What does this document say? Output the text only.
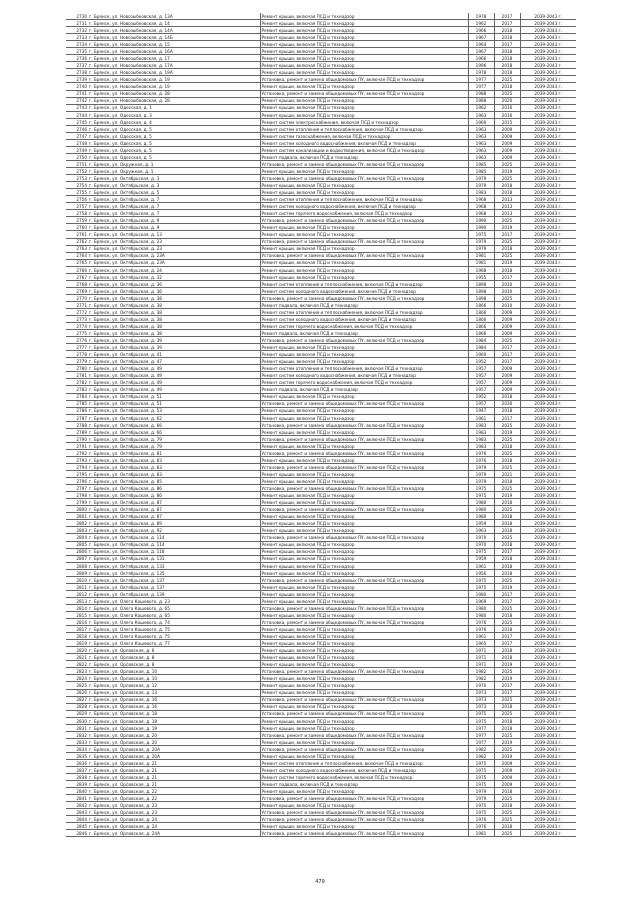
2730	г. Брянск, ул. Новозыбковская, д. 13А	Ремонт крыши, включая ПСД и технадзор	1978	2017	2039-2043 г.
2731	г. Брянск, ул. Новозыбковская, д. 14	Ремонт крыши, включая ПСД и технадзор	1962	2017	2039-2043 г.
2732	г. Брянск, ул. Новозыбковская, д. 14А	Ремонт крыши, включая ПСД и технадзор	1966	2018	2039-2043 г.
2733	г. Брянск, ул. Новозыбковская, д. 14Б	Ремонт крыши, включая ПСД и технадзор	1967	2018	2039-2043 г.
2734	г. Брянск, ул. Новозыбковская, д. 15	Ремонт крыши, включая ПСД и технадзор	1964	2017	2039-2043 г.
2735	г. Брянск, ул. Новозыбковская, д. 16А	Ремонт крыши, включая ПСД и технадзор	1967	2018	2039-2043 г.
2736	г. Брянск, ул. Новозыбковская, д. 17	Ремонт крыши, включая ПСД и технадзор	1966	2018	2039-2043 г.
2737	г. Брянск, ул. Новозыбковская, д. 17А	Ремонт крыши, включая ПСД и технадзор	1996	2018	2039-2043 г.
2738	г. Брянск, ул. Новозыбковская, д. 19А	Ремонт крыши, включая ПСД и технадзор	1978	2018	2039-2043 г.
2739	г. Брянск, ул. Новозыбковская, д. 19	Установка, ремонт и замена общедомовых ПУ, включая ПСД и технадзор	1977	2025	2039-2043 г.
2740	г. Брянск, ул. Новозыбковская, д. 19	Ремонт крыши, включая ПСД и технадзор	1977	2018	2039-2043 г.
2741	г. Брянск, ул. Новозыбковская, д. 28	Установка, ремонт и замена общедомовых ПУ, включая ПСД и технадзор	1988	2025	2039-2043 г.
2742	г. Брянск, ул. Новозыбковская, д. 28	Ремонт крыши, включая ПСД и технадзор	1988	2020	2039-2043 г.
2743	г. Брянск, ул. Одесская, д. 1	Ремонт крыши, включая ПСД и технадзор	1962	2016	2039-2043 г.
2744	г. Брянск, ул. Одесская, д. 3	Ремонт крыши, включая ПСД и технадзор	1963	2016	2039-2043 г.
2745	г. Брянск, ул. Одесская, д. 4	Ремонт систем электроснабжения, включая ПСД и технадзор	1960	2015	2039-2043 г.
2746	г. Брянск, ул. Одесская, д. 5	Ремонт систем отопления и теплоснабжения, включая ПСД и технадзор	1963	2009	2039-2043 г.
2747	г. Брянск, ул. Одесская, д. 5	Ремонт систем газоснабжения, включая ПСД и технадзор	1963	2009	2039-2043 г.
2748	г. Брянск, ул. Одесская, д. 5	Ремонт систем холодного водоснабжения, включая ПСД и технадзор	1963	2009	2039-2043 г.
2749	г. Брянск, ул. Одесская, д. 5	Ремонт систем канализации и водоотведения, включая ПСД и технадзор	1963	2009	2039-2043 г.
2750	г. Брянск, ул. Одесская, д. 5	Ремонт подвала, включая ПСД и технадзор	1963	2009	2039-2043 г.
2751	г. Брянск, ул. Окружная, д. 1	Установка, ремонт и замена общедомовых ПУ, включая ПСД и технадзор	1985	2025	2039-2043 г.
2752	г. Брянск, ул. Окружная, д. 1	Ремонт крыши, включая ПСД и технадзор	1985	2019	2039-2043 г.
2753	г. Брянск, ул. Октябрьская, д. 3	Установка, ремонт и замена общедомовых ПУ, включая ПСД и технадзор	1979	2025	2039-2043 г.
2754	г. Брянск, ул. Октябрьская, д. 3	Ремонт крыши, включая ПСД и технадзор	1979	2018	2039-2043 г.
2755	г. Брянск, ул. Октябрьская, д. 5	Ремонт крыши, включая ПСД и технадзор	1983	2018	2039-2043 г.
2756	г. Брянск, ул. Октябрьская, д. 7	Ремонт систем отопления и теплоснабжения, включая ПСД и технадзор	1968	2013	2039-2043 г.
2757	г. Брянск, ул. Октябрьская, д. 7	Ремонт систем холодного водоснабжения, включая ПСД и технадзор	1968	2013	2039-2043 г.
2758	г. Брянск, ул. Октябрьская, д. 7	Ремонт систем горячего водоснабжения, включая ПСД и технадзор	1968	2013	2039-2043 г.
2759	г. Брянск, ул. Октябрьская, д. 9	Установка, ремонт и замена общедомовых ПУ, включая ПСД и технадзор	1990	2025	2039-2043 г.
2760	г. Брянск, ул. Октябрьская, д. 9	Ремонт крыши, включая ПСД и технадзор	1990	2019	2039-2043 г.
2761	г. Брянск, ул. Октябрьская, д. 13	Ремонт крыши, включая ПСД и технадзор	1975	2017	2039-2043 г.
2762	г. Брянск, ул. Октябрьская, д. 23	Установка, ремонт и замена общедомовых ПУ, включая ПСД и технадзор	1979	2025	2039-2043 г.
2763	г. Брянск, ул. Октябрьская, д. 23	Ремонт крыши, включая ПСД и технадзор	1979	2018	2039-2043 г.
2764	г. Брянск, ул. Октябрьская, д. 23А	Установка, ремонт и замена общедомовых ПУ, включая ПСД и технадзор	1981	2025	2039-2043 г.
2765	г. Брянск, ул. Октябрьская, д. 23А	Ремонт крыши, включая ПСД и технадзор	1981	2019	2039-2043 г.
2766	г. Брянск, ул. Октябрьская, д. 24	Ремонт крыши, включая ПСД и технадзор	1968	2018	2039-2043 г.
2767	г. Брянск, ул. Октябрьская, д. 32	Ремонт крыши, включая ПСД и технадзор	1955	2017	2039-2043 г.
2768	г. Брянск, ул. Октябрьская, д. 36	Ремонт систем отопления и теплоснабжения, включая ПСД и технадзор	1898	2010	2039-2043 г.
2769	г. Брянск, ул. Октябрьская, д. 36	Ремонт систем холодного водоснабжения, включая ПСД и технадзор	1898	2010	2039-2043 г.
2770	г. Брянск, ул. Октябрьская, д. 38	Установка, ремонт и замена общедомовых ПУ, включая ПСД и технадзор	1898	2025	2039-2043 г.
2771	г. Брянск, ул. Октябрьская, д. 38	Ремонт подвала, включая ПСД и технадзор	1866	2010	2039-2043 г.
2772	г. Брянск, ул. Октябрьская, д. 38	Ремонт систем отопления и теплоснабжения, включая ПСД и технадзор	1866	2009	2039-2043 г.
2773	г. Брянск, ул. Октябрьская, д. 38	Ремонт систем холодного водоснабжения, включая ПСД и технадзор	1866	2009	2039-2043 г.
2774	г. Брянск, ул. Октябрьская, д. 38	Ремонт систем горячего водоснабжения, включая ПСД и технадзор	1866	2009	2039-2043 г.
2775	г. Брянск, ул. Октябрьская, д. 38	Ремонт подвала, включая ПСД и технадзор	1866	2009	2039-2043 г.
2776	г. Брянск, ул. Октябрьская, д. 39	Установка, ремонт и замена общедомовых ПУ, включая ПСД и технадзор	1984	2025	2039-2043 г.
2777	г. Брянск, ул. Октябрьская, д. 39	Ремонт крыши, включая ПСД и технадзор	1984	2017	2039-2043 г.
2778	г. Брянск, ул. Октябрьская, д. 41	Ремонт крыши, включая ПСД и технадзор	1960	2017	2039-2043 г.
2779	г. Брянск, ул. Октябрьская, д. 47	Ремонт крыши, включая ПСД и технадзор	1952	2017	2039-2043 г.
2780	г. Брянск, ул. Октябрьская, д. 49	Ремонт систем отопления и теплоснабжения, включая ПСД и технадзор	1957	2009	2039-2043 г.
2781	г. Брянск, ул. Октябрьская, д. 49	Ремонт систем холодного водоснабжения, включая ПСД и технадзор	1957	2009	2039-2043 г.
2782	г. Брянск, ул. Октябрьская, д. 49	Ремонт систем горячего водоснабжения, включая ПСД и технадзор	1957	2009	2039-2043 г.
2783	г. Брянск, ул. Октябрьская, д. 49	Ремонт подвала, включая ПСД и технадзор	1957	2009	2039-2043 г.
2784	г. Брянск, ул. Октябрьская, д. 51	Ремонт крыши, включая ПСД и технадзор	1952	2018	2039-2043 г.
2785	г. Брянск, ул. Октябрьская, д. 51	Установка, ремонт и замена общедомовых ПУ, включая ПСД и технадзор	1957	2030	2039-2043 г.
2786	г. Брянск, ул. Октябрьская, д. 53	Ремонт крыши, включая ПСД и технадзор	1947	2018	2039-2043 г.
2787	г. Брянск, ул. Октябрьская, д. 62	Ремонт крыши, включая ПСД и технадзор	1961	2017	2039-2043 г.
2788	г. Брянск, ул. Октябрьская, д. 66	Установка, ремонт и замена общедомовых ПУ, включая ПСД и технадзор	1983	2025	2039-2043 г.
2789	г. Брянск, ул. Октябрьская, д. 66	Ремонт крыши, включая ПСД и технадзор	1983	2019	2039-2043 г.
2790	г. Брянск, ул. Октябрьская, д. 79	Установка, ремонт и замена общедомовых ПУ, включая ПСД и технадзор	1983	2025	2039-2043 г.
2791	г. Брянск, ул. Октябрьская, д. 79	Ремонт крыши, включая ПСД и технадзор	1983	2018	2039-2043 г.
2792	г. Брянск, ул. Октябрьская, д. 81	Установка, ремонт и замена общедомовых ПУ, включая ПСД и технадзор	1976	2025	2039-2043 г.
2793	г. Брянск, ул. Октябрьская, д. 83	Ремонт крыши, включая ПСД и технадзор	1976	2018	2039-2043 г.
2794	г. Брянск, ул. Октябрьская, д. 83	Установка, ремонт и замена общедомовых ПУ, включая ПСД и технадзор	1979	2025	2039-2043 г.
2795	г. Брянск, ул. Октябрьская, д. 83	Ремонт крыши, включая ПСД и технадзор	1979	2021	2039-2043 г.
2796	г. Брянск, ул. Октябрьская, д. 85	Ремонт крыши, включая ПСД и технадзор	1979	2018	2039-2043 г.
2797	г. Брянск, ул. Октябрьская, д. 86	Установка, ремонт и замена общедомовых ПУ, включая ПСД и технадзор	1975	2025	2039-2043 г.
2798	г. Брянск, ул. Октябрьская, д. 86	Ремонт крыши, включая ПСД и технадзор	1975	2019	2039-2043 г.
2799	г. Брянск, ул. Октябрьская, д. 87	Ремонт крыши, включая ПСД и технадзор	1980	2018	2039-2043 г.
2800	г. Брянск, ул. Октябрьская, д. 87	Установка, ремонт и замена общедомовых ПУ, включая ПСД и технадзор	1980	2025	2039-2043 г.
2801	г. Брянск, ул. Октябрьская, д. 87	Ремонт крыши, включая ПСД и технадзор	1980	2018	2039-2043 г.
2802	г. Брянск, ул. Октябрьская, д. 89	Ремонт крыши, включая ПСД и технадзор	1959	2018	2039-2043 г.
2803	г. Брянск, ул. Октябрьская, д. 92	Ремонт крыши, включая ПСД и технадзор	1963	2018	2039-2043 г.
2804	г. Брянск, ул. Октябрьская, д. 114	Установка, ремонт и замена общедомовых ПУ, включая ПСД и технадзор	1970	2025	2039-2043 г.
2805	г. Брянск, ул. Октябрьская, д. 114	Ремонт крыши, включая ПСД и технадзор	1970	2018	2039-2043 г.
2806	г. Брянск, ул. Октябрьская, д. 118	Ремонт крыши, включая ПСД и технадзор	1975	2017	2039-2043 г.
2807	г. Брянск, ул. Октябрьская, д. 131	Ремонт крыши, включая ПСД и технадзор	1959	2018	2039-2043 г.
2808	г. Брянск, ул. Октябрьская, д. 133	Ремонт крыши, включая ПСД и технадзор	1961	2018	2039-2043 г.
2809	г. Брянск, ул. Октябрьская, д. 135	Ремонт крыши, включая ПСД и технадзор	1956	2018	2039-2043 г.
2810	г. Брянск, ул. Октябрьская, д. 137	Установка, ремонт и замена общедомовых ПУ, включая ПСД и технадзор	1975	2025	2039-2043 г.
2811	г. Брянск, ул. Октябрьская, д. 137	Ремонт крыши, включая ПСД и технадзор	1975	2019	2039-2043 г.
2812	г. Брянск, ул. Октябрьская, д. 139	Ремонт крыши, включая ПСД и технадзор	1980	2017	2039-2043 г.
2813	г. Брянск, ул. Олега Кошевого, д. 23	Ремонт крыши, включая ПСД и технадзор	1969	2017	2039-2043 г.
2814	г. Брянск, ул. Олега Кошевого, д. 65	Установка, ремонт и замена общедомовых ПУ, включая ПСД и технадзор	1980	2025	2039-2043 г.
2815	г. Брянск, ул. Олега Кошевого, д. 65	Ремонт крыши, включая ПСД и технадзор	1980	2018	2039-2043 г.
2816	г. Брянск, ул. Олега Кошевого, д. 74	Установка, ремонт и замена общедомовых ПУ, включая ПСД и технадзор	1976	2025	2039-2043 г.
2817	г. Брянск, ул. Олега Кошевого, д. 75	Ремонт крыши, включая ПСД и технадзор	1976	2018	2039-2043 г.
2818	г. Брянск, ул. Олега Кошевого, д. 75	Ремонт крыши, включая ПСД и технадзор	1961	2017	2039-2043 г.
2819	г. Брянск, ул. Олега Кошевого, д. 77	Ремонт крыши, включая ПСД и технадзор	1965	2017	2039-2043 г.
2820	г. Брянск, ул. Орловская, д. 6	Ремонт крыши, включая ПСД и технадзор	1971	2018	2039-2043 г.
2821	г. Брянск, ул. Орловская, д. 8	Ремонт крыши, включая ПСД и технадзор	1971	2018	2039-2043 г.
2822	г. Брянск, ул. Орловская, д. 8	Ремонт крыши, включая ПСД и технадзор	1971	2019	2039-2043 г.
2823	г. Брянск, ул. Орловская, д. 10	Установка, ремонт и замена общедомовых ПУ, включая ПСД и технадзор	1982	2025	2039-2043 г.
2824	г. Брянск, ул. Орловская, д. 10	Ремонт крыши, включая ПСД и технадзор	1982	2019	2039-2043 г.
2825	г. Брянск, ул. Орловская, д. 12	Ремонт крыши, включая ПСД и технадзор	1970	2017	2039-2043 г.
2826	г. Брянск, ул. Орловская, д. 13	Ремонт крыши, включая ПСД и технадзор	1973	2017	2039-2043 г.
2827	г. Брянск, ул. Орловская, д. 16	Установка, ремонт и замена общедомовых ПУ, включая ПСД и технадзор	1973	2025	2039-2043 г.
2828	г. Брянск, ул. Орловская, д. 16	Ремонт крыши, включая ПСД и технадзор	1973	2018	2039-2043 г.
2829	г. Брянск, ул. Орловская, д. 18	Установка, ремонт и замена общедомовых ПУ, включая ПСД и технадзор	1975	2025	2039-2043 г.
2830	г. Брянск, ул. Орловская, д. 18	Ремонт крыши, включая ПСД и технадзор	1975	2018	2039-2043 г.
2831	г. Брянск, ул. Орловская, д. 19	Ремонт крыши, включая ПСД и технадзор	1977	2018	2039-2043 г.
2832	г. Брянск, ул. Орловская, д. 20	Установка, ремонт и замена общедомовых ПУ, включая ПСД и технадзор	1977	2025	2039-2043 г.
2833	г. Брянск, ул. Орловская, д. 20	Ремонт крыши, включая ПСД и технадзор	1977	2019	2039-2043 г.
2834	г. Брянск, ул. Орловская, д. 20А	Установка, ремонт и замена общедомовых ПУ, включая ПСД и технадзор	1982	2025	2039-2043 г.
2835	г. Брянск, ул. Орловская, д. 20А	Ремонт крыши, включая ПСД и технадзор	1982	2019	2039-2043 г.
2836	г. Брянск, ул. Орловская, д. 21	Ремонт систем отопления и теплоснабжения, включая ПСД и технадзор	1975	2009	2039-2043 г.
2837	г. Брянск, ул. Орловская, д. 21	Ремонт систем холодного водоснабжения, включая ПСД и технадзор	1975	2009	2039-2043 г.
2838	г. Брянск, ул. Орловская, д. 21	Ремонт систем горячего водоснабжения, включая ПСД и технадзор	1975	2009	2039-2043 г.
2839	г. Брянск, ул. Орловская, д. 21	Ремонт подвала, включая ПСД и технадзор	1975	2009	2039-2043 г.
2840	г. Брянск, ул. Орловская, д. 22	Ремонт крыши, включая ПСД и технадзор	1979	2018	2039-2043 г.
2841	г. Брянск, ул. Орловская, д. 22	Установка, ремонт и замена общедомовых ПУ, включая ПСД и технадзор	1979	2025	2039-2043 г.
2842	г. Брянск, ул. Орловская, д. 23	Ремонт крыши, включая ПСД и технадзор	1975	2018	2039-2043 г.
2843	г. Брянск, ул. Орловская, д. 23	Установка, ремонт и замена общедомовых ПУ, включая ПСД и технадзор	1975	2025	2039-2043 г.
2844	г. Брянск, ул. Орловская, д. 24	Установка, ремонт и замена общедомовых ПУ, включая ПСД и технадзор	1976	2025	2039-2043 г.
2845	г. Брянск, ул. Орловская, д. 24	Ремонт крыши, включая ПСД и технадзор	1976	2018	2039-2043 г.
2846	г. Брянск, ул. Орловская, д. 24А	Установка, ремонт и замена общедомовых ПУ, включая ПСД и технадзор	1981	2025	2039-2043 г.
479
